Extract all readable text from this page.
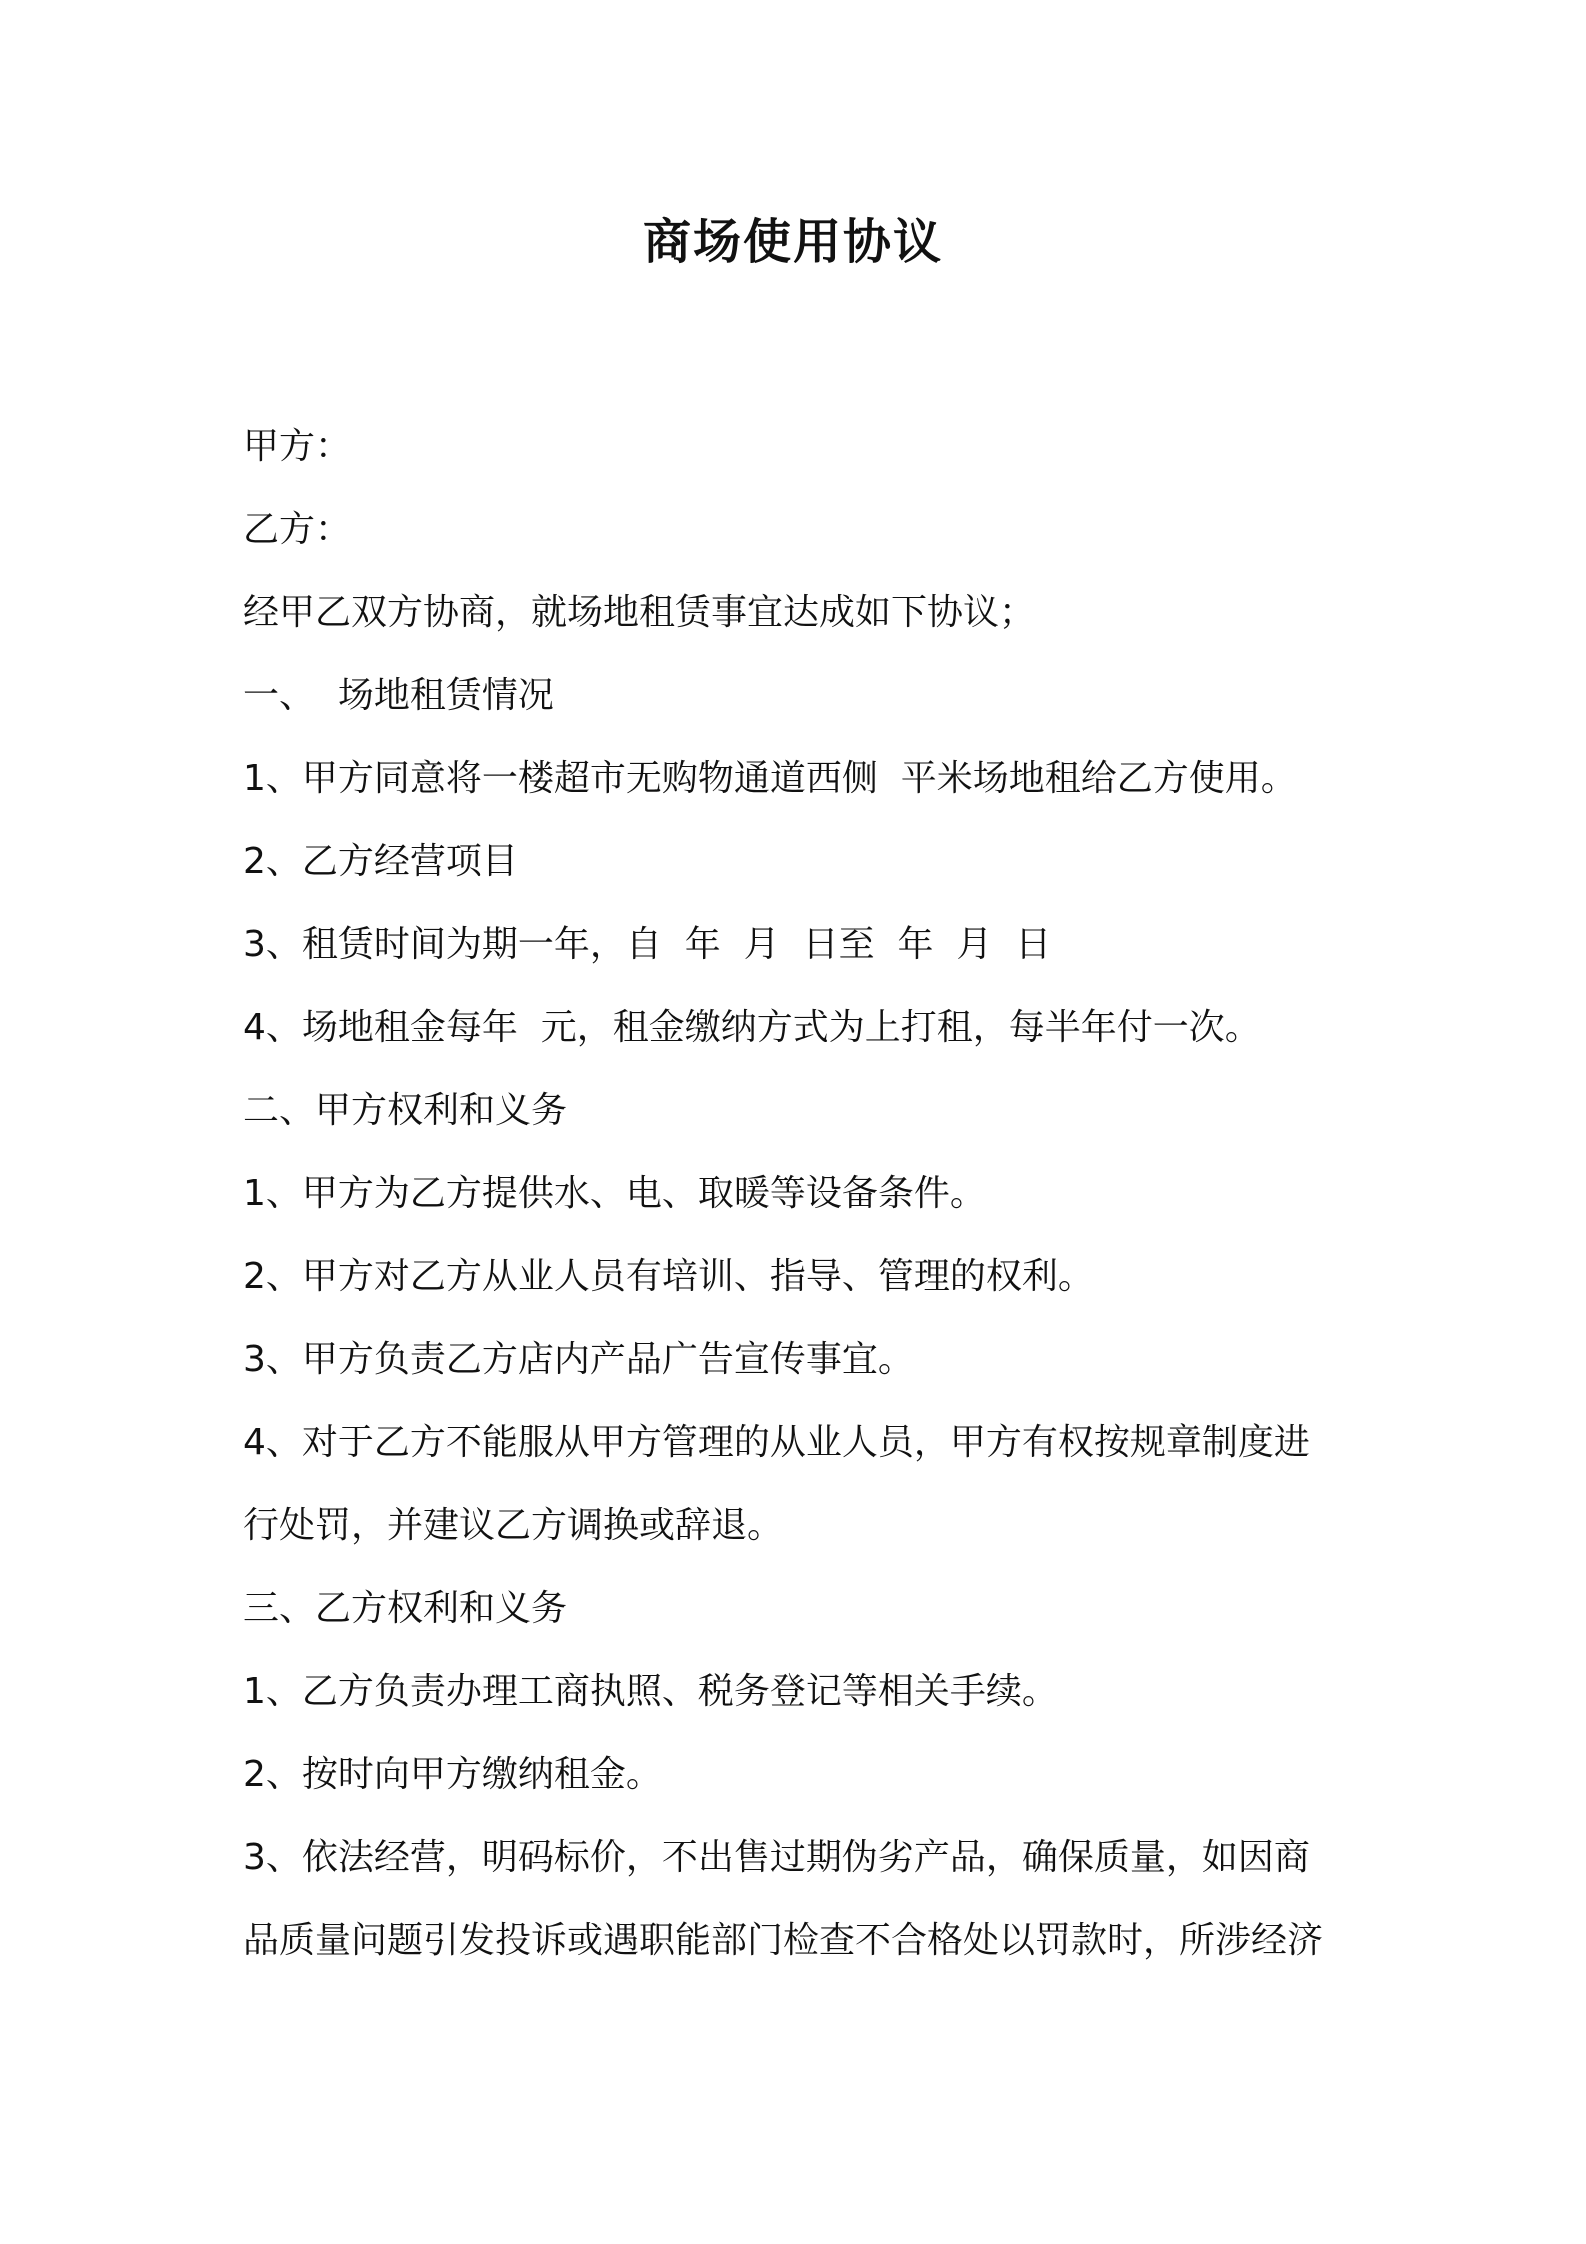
商场使用协议
甲方：
乙方：
经甲乙双方协商，就场地租赁事宜达成如下协议；
一、  场地租赁情况
1、甲方同意将一楼超市无购物通道西侧  平米场地租给乙方使用。
2、乙方经营项目
3、租赁时间为期一年，自  年  月  日至  年  月  日
4、场地租金每年  元，租金缴纳方式为上打租，每半年付一次。
二、甲方权利和义务
1、甲方为乙方提供水、电、取暖等设备条件。
2、甲方对乙方从业人员有培训、指导、管理的权利。
3、甲方负责乙方店内产品广告宣传事宜。
4、对于乙方不能服从甲方管理的从业人员，甲方有权按规章制度进
行处罚，并建议乙方调换或辞退。
三、乙方权利和义务
1、乙方负责办理工商执照、税务登记等相关手续。
2、按时向甲方缴纳租金。
3、依法经营，明码标价，不出售过期伪劣产品，确保质量，如因商
品质量问题引发投诉或遇职能部门检查不合格处以罚款时，所涉经济
